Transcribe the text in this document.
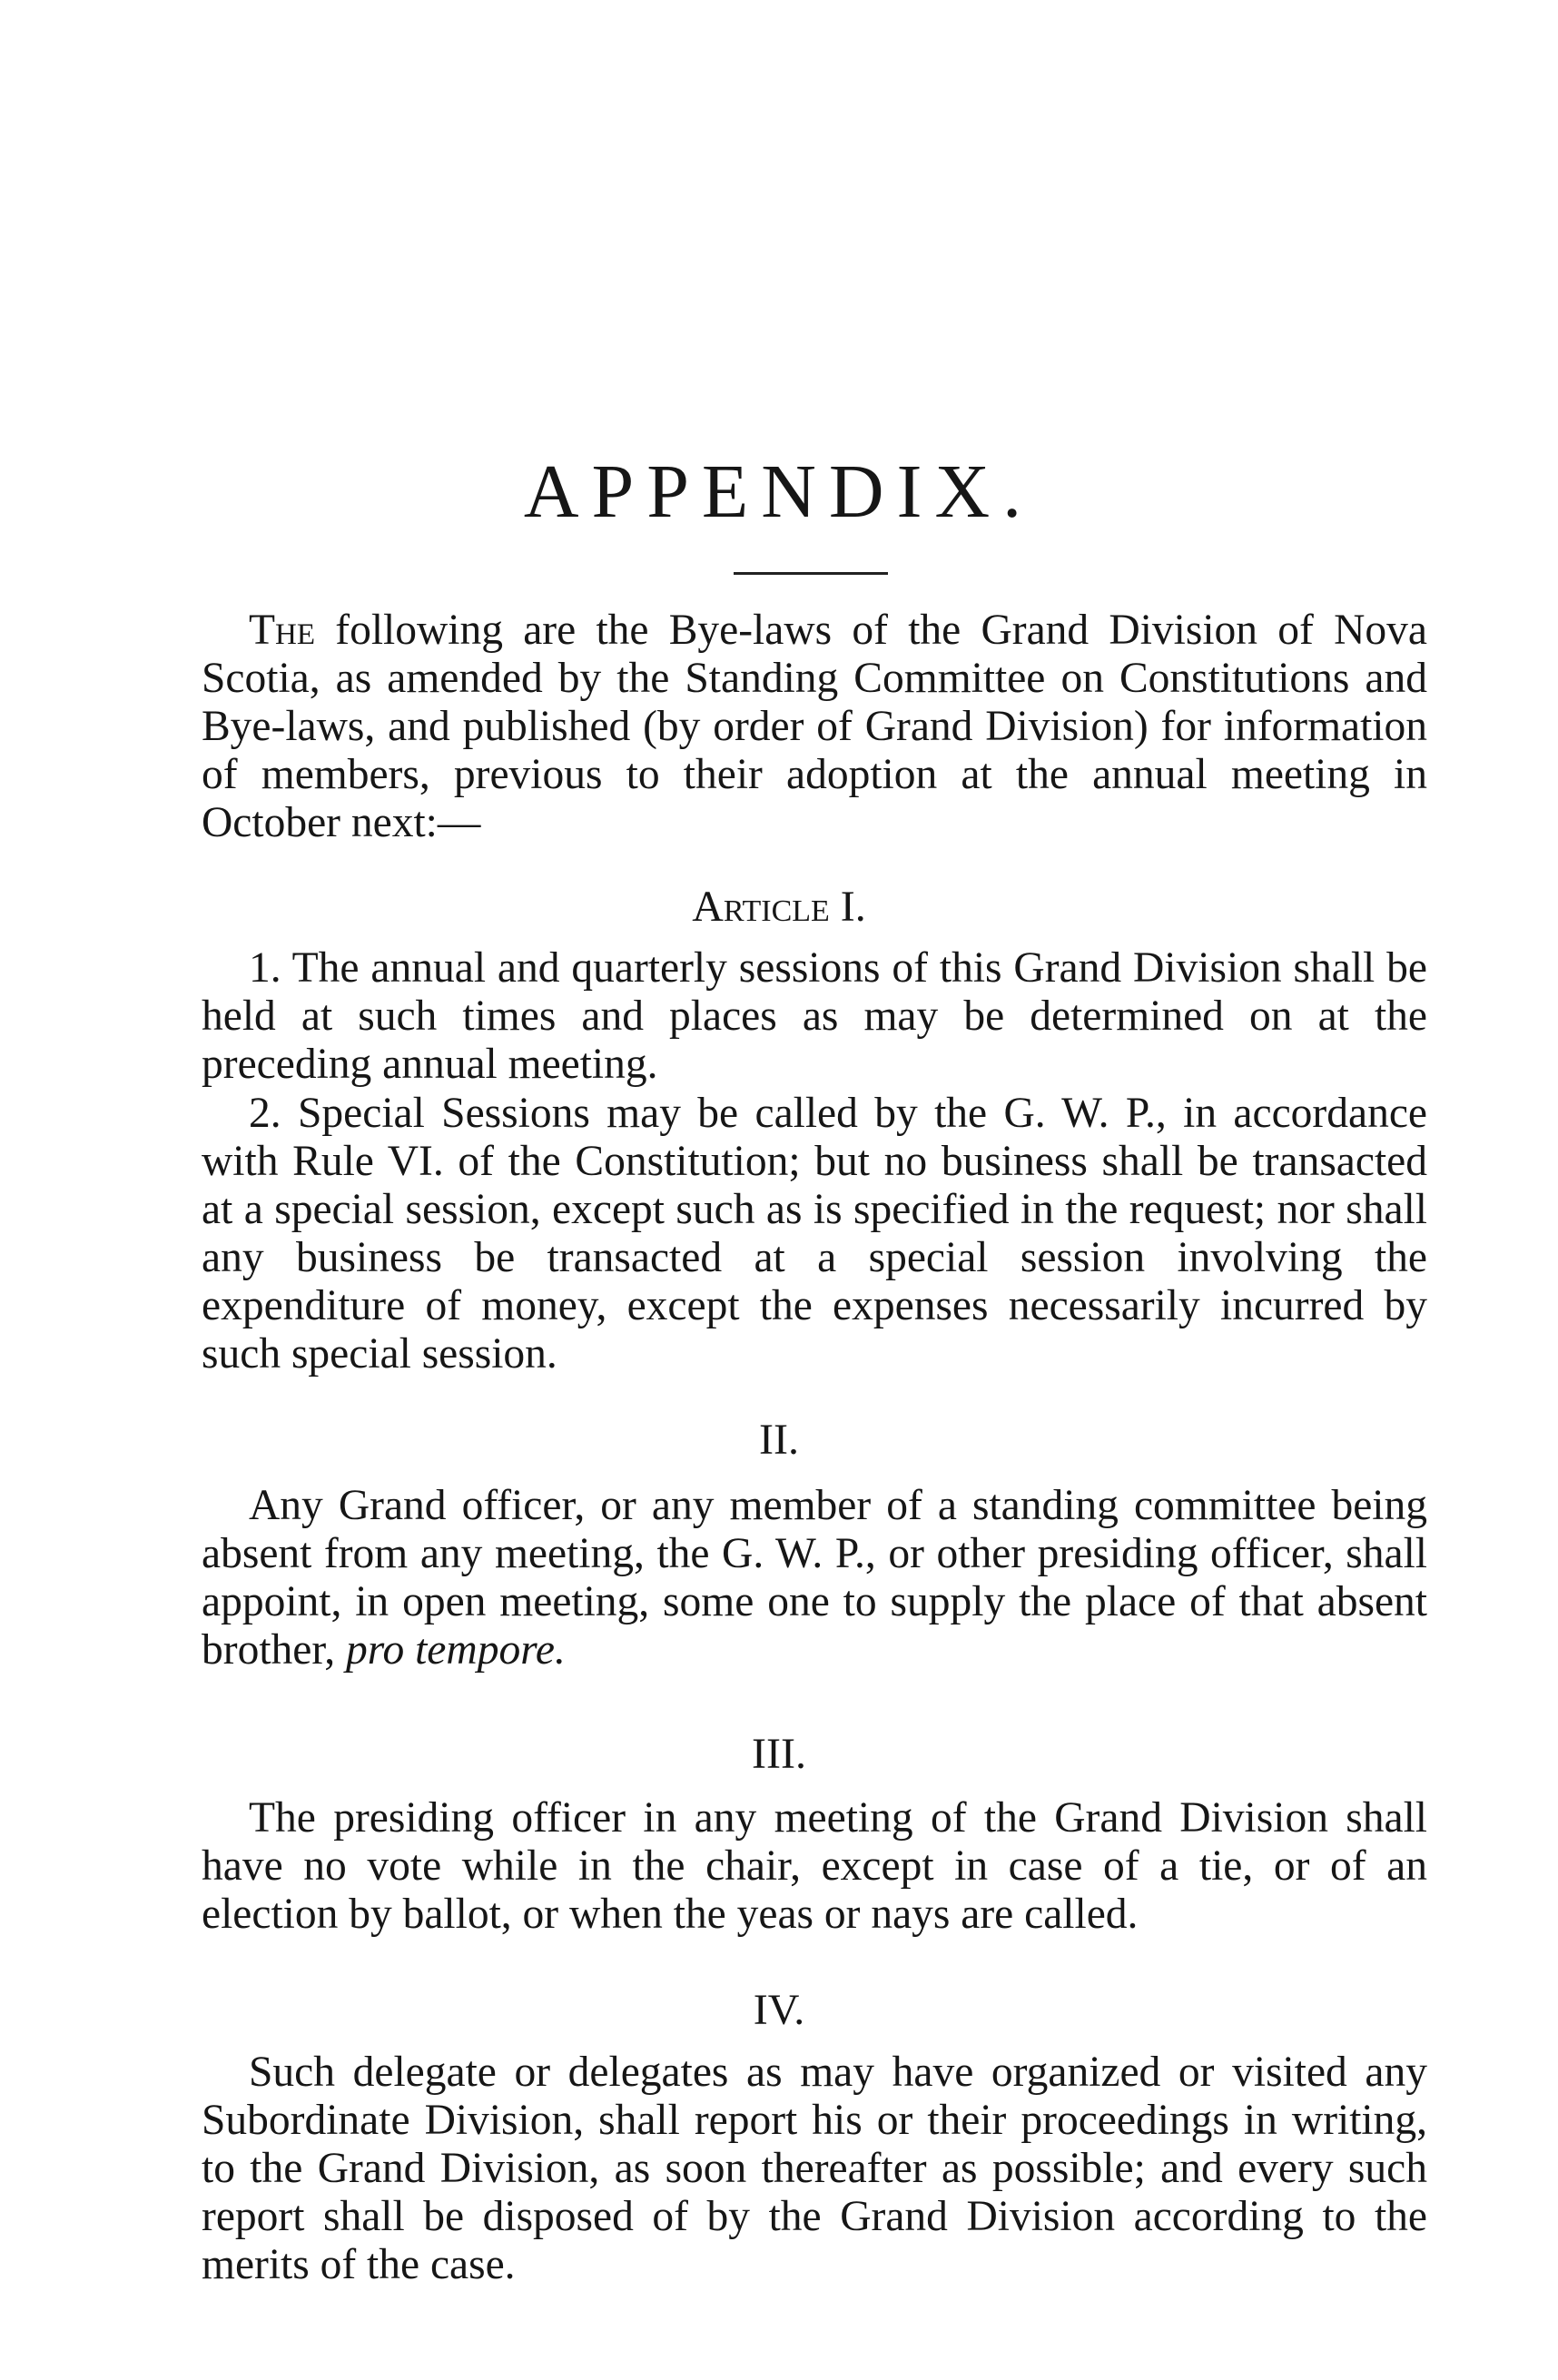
APPENDIX.

The following are the Bye-laws of the Grand Division of Nova Scotia, as amended by the Standing Committee on Constitutions and Bye-laws, and published (by order of Grand Division) for information of members, previous to their adoption at the annual meeting in October next:—

Article I.

1. The annual and quarterly sessions of this Grand Division shall be held at such times and places as may be determined on at the preceding annual meeting.

2. Special Sessions may be called by the G. W. P., in accordance with Rule VI. of the Constitution; but no business shall be transacted at a special session, except such as is specified in the request; nor shall any business be transacted at a special session involving the expenditure of money, except the expenses necessarily incurred by such special session.

II.

Any Grand officer, or any member of a standing committee being absent from any meeting, the G. W. P., or other presiding officer, shall appoint, in open meeting, some one to supply the place of that absent brother, pro tempore.

III.

The presiding officer in any meeting of the Grand Division shall have no vote while in the chair, except in case of a tie, or of an election by ballot, or when the yeas or nays are called.

IV.

Such delegate or delegates as may have organized or visited any Subordinate Division, shall report his or their proceedings in writing, to the Grand Division, as soon thereafter as possible; and every such report shall be disposed of by the Grand Division according to the merits of the case.
